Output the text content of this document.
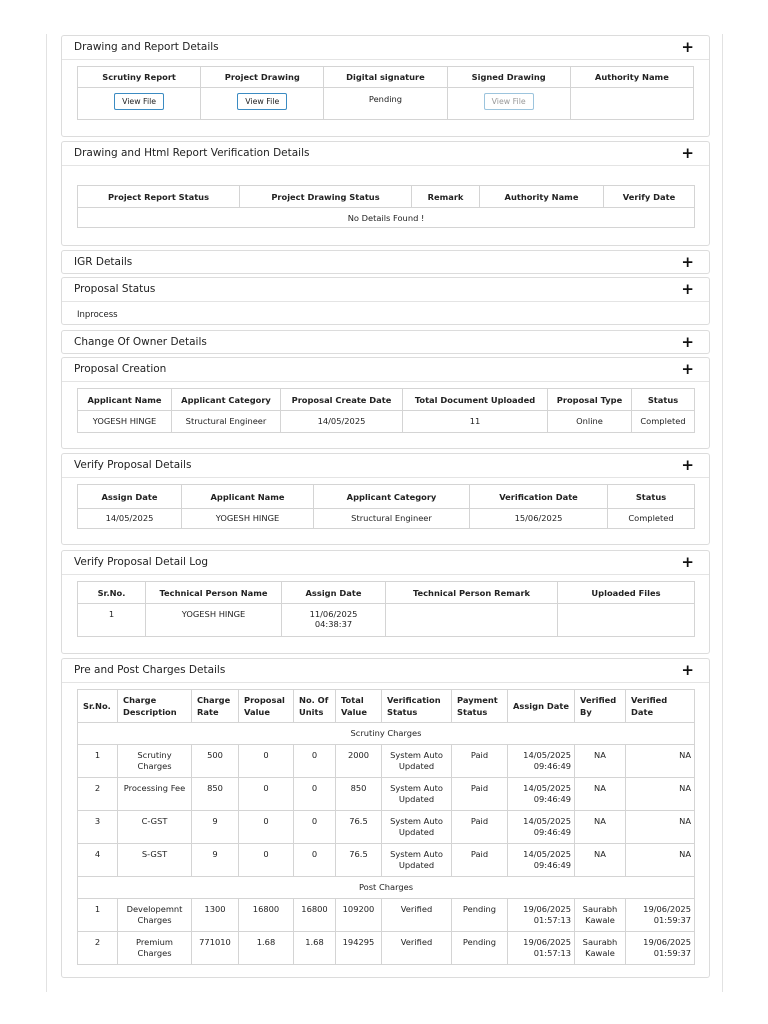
Drawing and Report Details	+
Scrutiny Report	Project Drawing	Digital signature	Signed Drawing	Authority Name
View File	View File	Pending	View File	
Drawing and Html Report Verification Details	+
Project Report Status	Project Drawing Status	Remark	Authority Name	Verify Date
No Details Found !
IGR Details	+
Proposal Status	+
Inprocess
Change Of Owner Details	+
Proposal Creation	+
Applicant Name	Applicant Category	Proposal Create Date	Total Document Uploaded	Proposal Type	Status
YOGESH HINGE	Structural Engineer	14/05/2025	11	Online	Completed
Verify Proposal Details	+
Assign Date	Applicant Name	Applicant Category	Verification Date	Status
14/05/2025	YOGESH HINGE	Structural Engineer	15/06/2025	Completed
Verify Proposal Detail Log	+
Sr.No.	Technical Person Name	Assign Date	Technical Person Remark	Uploaded Files
1	YOGESH HINGE	11/06/2025 04:38:37		
Pre and Post Charges Details	+
Sr.No.	Charge Description	Charge Rate	Proposal Value	No. Of Units	Total Value	Verification Status	Payment Status	Assign Date	Verified By	Verified Date
Scrutiny Charges										
1	Scrutiny Charges	500	0	0	2000	System Auto Updated	Paid	14/05/2025 09:46:49	NA	NA
2	Processing Fee	850	0	0	850	System Auto Updated	Paid	14/05/2025 09:46:49	NA	NA
3	C-GST	9	0	0	76.5	System Auto Updated	Paid	14/05/2025 09:46:49	NA	NA
4	S-GST	9	0	0	76.5	System Auto Updated	Paid	14/05/2025 09:46:49	NA	NA
Post Charges										
1	Developemnt Charges	1300	16800	16800	109200	Verified	Pending	19/06/2025 01:57:13	Saurabh Kawale	19/06/2025 01:59:37
2	Premium Charges	771010	1.68	1.68	194295	Verified	Pending	19/06/2025 01:57:13	Saurabh Kawale	19/06/2025 01:59:37
